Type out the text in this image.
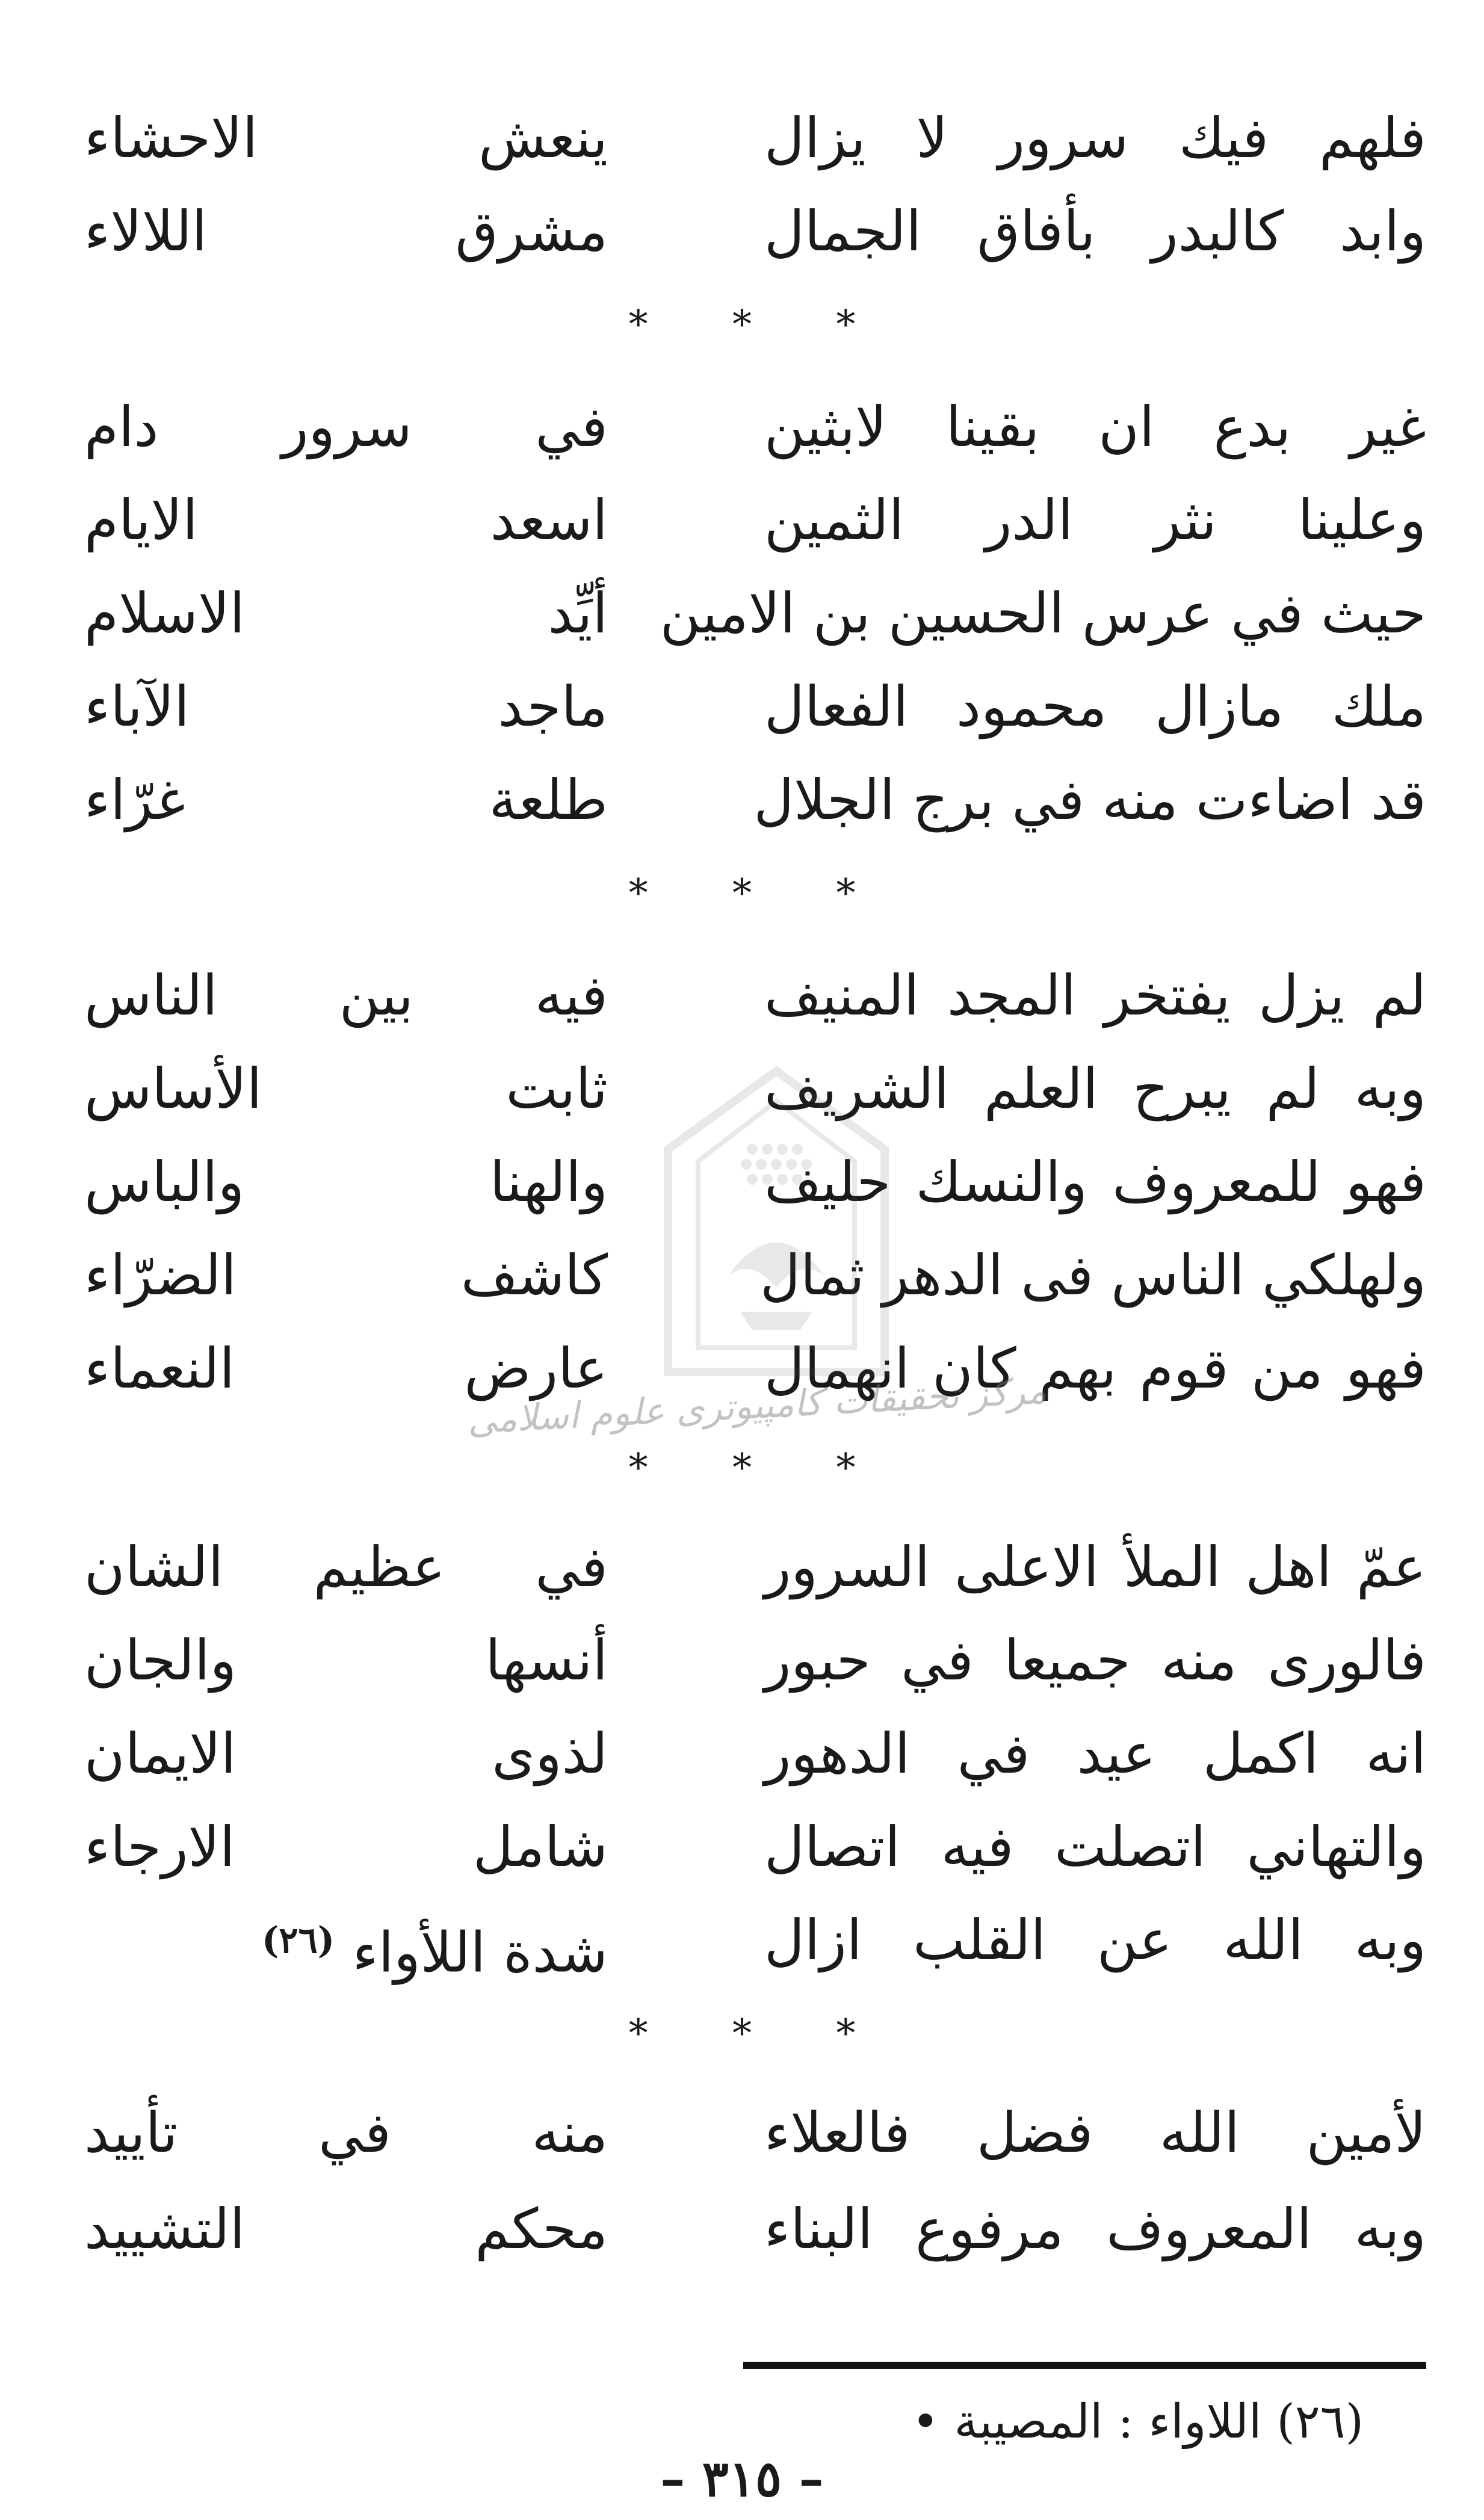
فلهم فيك سرور لا يزال
ينعش الاحشاء
وابد كالبدر بأفاق الجمال
مشرق اللالاء
* * *
غير بدع ان بقينا لابثين
في سرور دام
وعلينا نثر الدر الثمين
اسعد الايام
حيث في عرس الحسين بن الامين
أيِّد الاسلام
ملك مازال محمود الفعال
ماجد الآباء
قد اضاءت منه في برج الجلال
طلعة غرّاء
* * *
لم يزل يفتخر المجد المنيف
فيه بين الناس
وبه لم يبرح العلم الشريف
ثابت الأساس
فهو للمعروف والنسك حليف
والهنا والباس
ولهلكي الناس فى الدهر ثمال
كاشف الضرّاء
فهو من قوم بهم كان انهمال
عارض النعماء
* * *
عمّ اهل الملأ الاعلى السرور
في عظيم الشان
فالورى منه جميعا في حبور
أنسها والجان
انه اكمل عيد في الدهور
لذوى الايمان
والتهاني اتصلت فيه اتصال
شامل الارجاء
وبه الله عن القلب ازال
شدة اللأواء $^{(٢٦)}$
* * *
لأمين الله فضل فالعلاء
منه في تأييد
وبه المعروف مرفوع البناء
محكم التشييد
مرکز تحقیقات کامپیوتری علوم اسلامی
(٢٦) اللاواء : المصيبة •
– ٣١٥ –
